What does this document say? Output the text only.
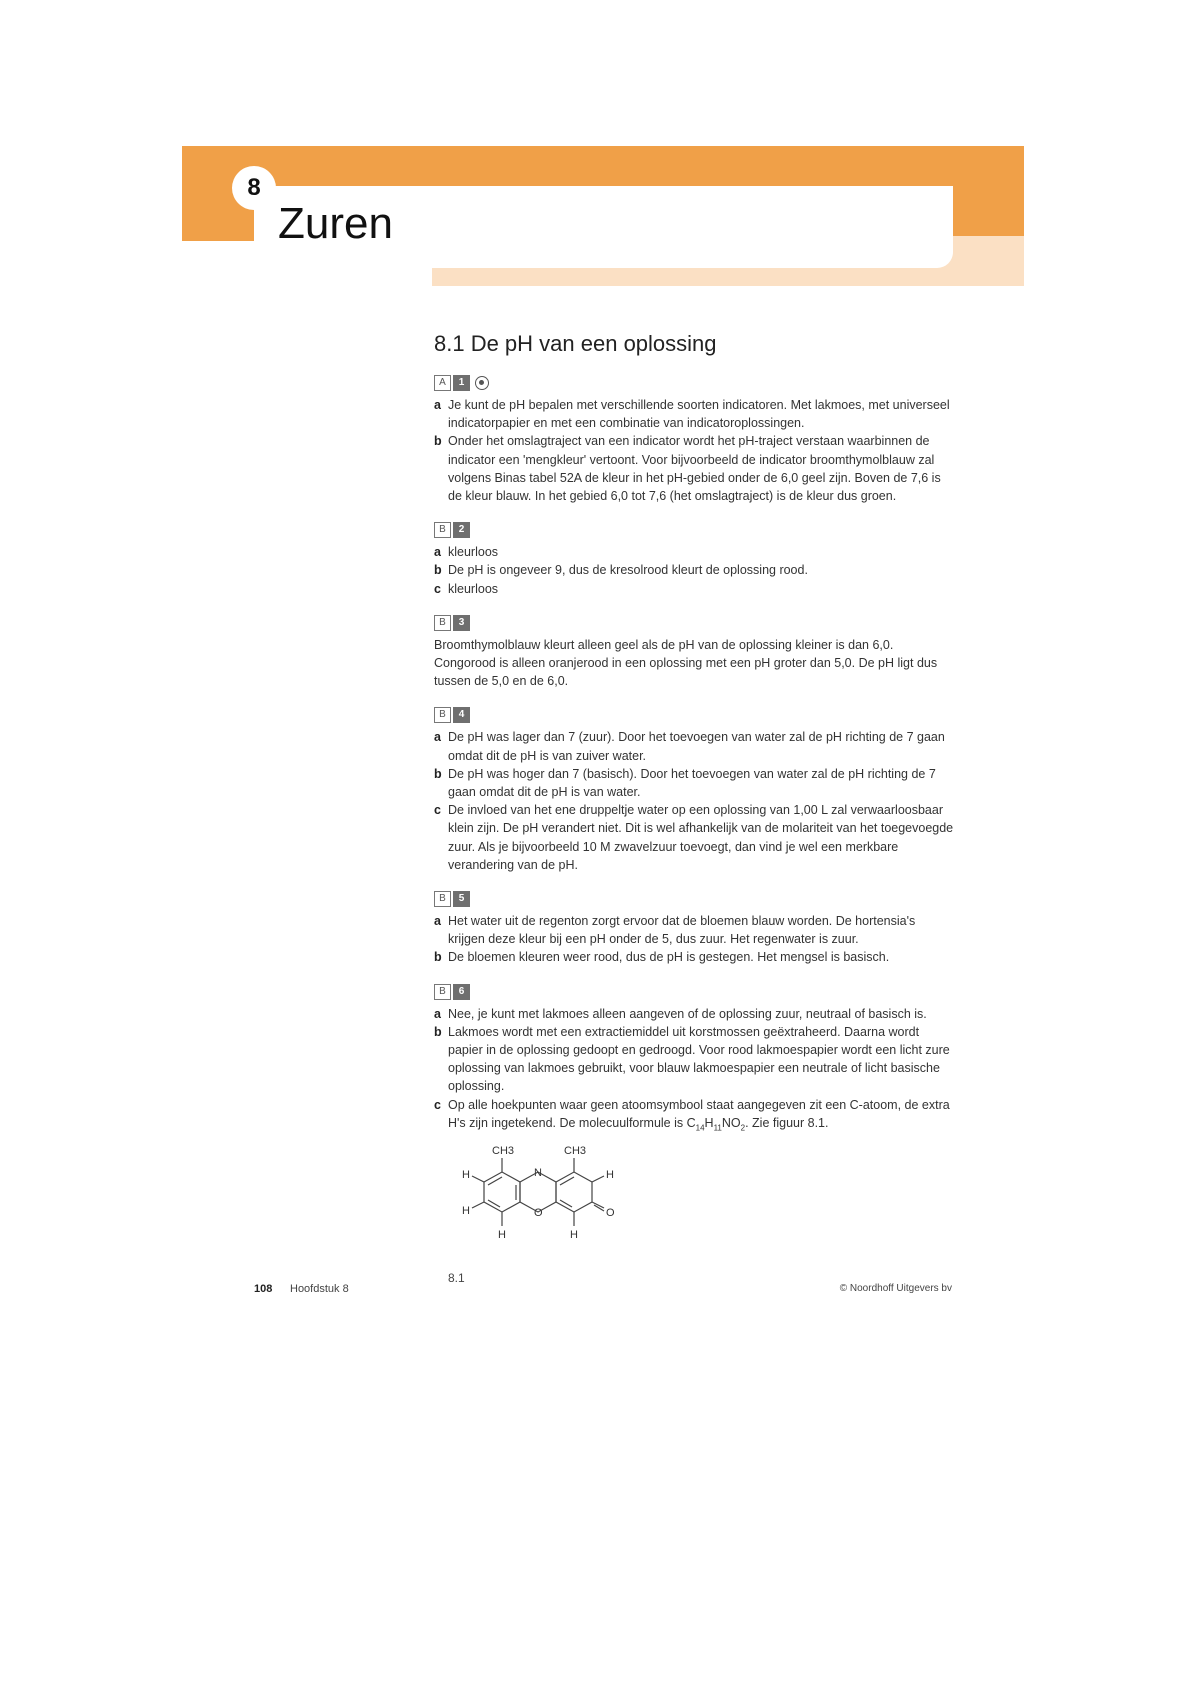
8
Zuren
8.1 De pH van een oplossing
A	1
a Je kunt de pH bepalen met verschillende soorten indicatoren. Met lakmoes, met universeel indicatorpapier en met een combinatie van indicatoroplossingen.
b Onder het omslagtraject van een indicator wordt het pH-traject verstaan waarbinnen de indicator een 'mengkleur' vertoont. Voor bijvoorbeeld de indicator broomthymolblauw zal volgens Binas tabel 52A de kleur in het pH-gebied onder de 6,0 geel zijn. Boven de 7,6 is de kleur blauw. In het gebied 6,0 tot 7,6 (het omslagtraject) is de kleur dus groen.
B	2
a kleurloos
b De pH is ongeveer 9, dus de kresolrood kleurt de oplossing rood.
c kleurloos
B	3

Broomthymolblauw kleurt alleen geel als de pH van de oplossing kleiner is dan 6,0. Congorood is alleen oranjerood in een oplossing met een pH groter dan 5,0. De pH ligt dus tussen de 5,0 en de 6,0.

B	4
a De pH was lager dan 7 (zuur). Door het toevoegen van water zal de pH richting de 7 gaan omdat dit de pH is van zuiver water.
b De pH was hoger dan 7 (basisch). Door het toevoegen van water zal de pH richting de 7 gaan omdat dit de pH is van water.
c De invloed van het ene druppeltje water op een oplossing van 1,00 L zal verwaarloosbaar klein zijn. De pH verandert niet. Dit is wel afhankelijk van de molariteit van het toegevoegde zuur. Als je bijvoorbeeld 10 M zwavelzuur toevoegt, dan vind je wel een merkbare verandering van de pH.
B	5
a Het water uit de regenton zorgt ervoor dat de bloemen blauw worden. De hortensia's krijgen deze kleur bij een pH onder de 5, dus zuur. Het regenwater is zuur.
b De bloemen kleuren weer rood, dus de pH is gestegen. Het mengsel is basisch.
B	6
a Nee, je kunt met lakmoes alleen aangeven of de oplossing zuur, neutraal of basisch is.
b Lakmoes wordt met een extractiemiddel uit korstmossen geëxtraheerd. Daarna wordt papier in de oplossing gedoopt en gedroogd. Voor rood lakmoespapier wordt een licht zure oplossing van lakmoes gebruikt, voor blauw lakmoespapier een neutrale of licht basische oplossing.
c Op alle hoekpunten waar geen atoomsymbool staat aangegeven zit een C-atoom, de extra H's zijn ingetekend. De molecuulformule is $C_{14}H_{11}NO_2$. Zie figuur 8.1.
CH3	CH3
H
H
H
H
N
O	O
H
8.1
108 Hoofdstuk 8	© Noordhoff Uitgevers bv
